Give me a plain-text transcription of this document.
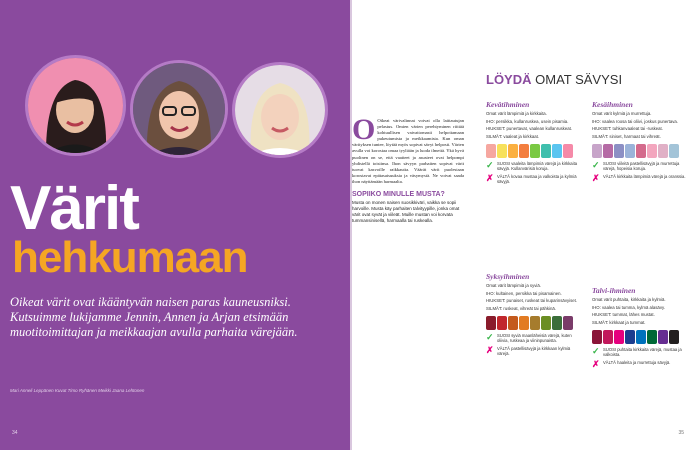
Värit
hehkumaan
Oikeat värit ovat ikääntyvän naisen paras kauneusniksi. Kutsuimme lukijamme Jennin, Annen ja Arjan etsimään muotitoimittajan ja meikkaajan avulla parhaita värejään.
Mari Anneli Leppänen Kuvat Timo Ryhänen Meikki Jaana Lehtonen
34
O Oikeat värivalinnat voivat olla laittautujan pelastus. Omien värien perehtyminen riittää kohtuullisen vaivattomasti helpottamaan pukeutumista ja meikkaamista. Kun oman värityksen tuntee, löytää myös sopivat sävyt helposti. Värien avulla voi korostaa omaa tyyliään ja luoda ilmettä. Ykä hyvä puolinen on se, että vaatteet ja asusteet ovat helpompi yhdistellä toisiinsa. Ihon sävyyn parhaiten sopivat värit tuovat kasvoille raikkautta. Väärät värit puolestaan korostavat epätasaisuuksia ja väsymystä. Ne voivat saada ihon näyttämään harmaalta.
SOPIIKO MINULLE MUSTA?
Musta on monen naisen suosikkiväri, vaikka se sopii harvoille. Musta käy parhaiten talvityypille, jonka omat värit ovat syvät ja viileät. Muille mustan voi korvata tummansinisellä, harmaalla tai ruskealla.
LÖYDÄ OMAT SÄVYSI
Kevätihminen

Omat värit lämpimiä ja kirkkaita.

IHO: persikka, kullanruskea, usein pisamia.

HIUKSET: punertavat, vaalean kullanruskeat.

SILMÄT: vaaleat ja kirkkaat.

✓ SUOSI vaaleita lämpimiä värejä ja kirkkaita sävyjä. Kullanvärisiä koruja.
✗ VÄLTÄ kovaa mustaa ja valkoista ja kylmiä sävyjä.
Kesäihminen

Omat värit kylmiä ja murrettuja.

IHO: vaalea roosa tai oliivi, joskus punertava.

HIUKSET: tuhkanvaaleat tai -ruskeat.

SILMÄT: siniset, harmaat tai vihreät.

✓ SUOSI viileitä pastellisävyjä ja murrettuja värejä, hopeisia koruja.
✗ VÄLTÄ kirkkaita lämpimiä värejä ja oranssia.
Syksyihminen

Omat värit lämpimiä ja syviä.

IHO: kultainen, persikka tai pisamainen.

HIUKSET: punaiset, ruskeat tai kuparinsävyiset.

SILMÄT: ruskeat, vihreät tai pähkinä.

✓ SUOSI syviä maanläheisiä värejä, kuten oliivia, ruskeaa ja viininpunaista.
✗ VÄLTÄ pastellisävyjä ja kirkkaan kylmiä värejä.
Talvi-ihminen

Omat värit puhtaita, kirkkaita ja kylmiä.

IHO: vaalea tai tumma, kylmä alasävy.

HIUKSET: tummat, lähes mustat.

SILMÄT: kirkkaat ja tummat.

✓ SUOSI puhtaita kirkkaita värejä, mustaa ja valkoista.
✗ VÄLTÄ haaleita ja murrettuja sävyjä.
35
